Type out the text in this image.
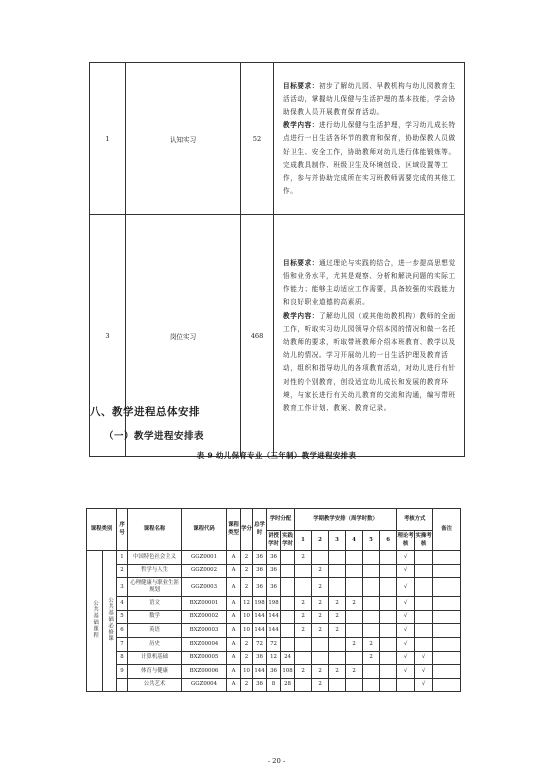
1	认知实习	52	目标要求：初步了解幼儿园、早教机构与幼儿园教育生活活动，掌握幼儿保健与生活护理的基本技能，学会协助保教人员开展教育保育活动。
教学内容：进行幼儿保健与生活护理，学习幼儿成长特点进行一日生活各环节的教育和保育，协助保教人员做好卫生、安全工作，协助教师对幼儿进行体能锻炼等。完成教具制作、班级卫生及环境创设、区域设置等工作，参与并协助完成所在实习班教师需要完成的其他工作。
3	岗位实习	468	目标要求：通过理论与实践的结合，进一步提高思想觉悟和业务水平，尤其是观察、分析和解决问题的实际工作能力；能够主动适应工作需要，具备较强的实践能力和良好职业道德的高素质。
教学内容：了解幼儿园（或其他幼教机构）教师的全面工作，听取实习幼儿园领导介绍本园的情况和做一名托幼教师的要求，听取带班教师介绍本班教育、教学以及幼儿的情况。学习开展幼儿的一日生活护理及教育活动，组织和指导幼儿的各项教育活动，对幼儿进行有针对性的个别教育，创设适宜幼儿成长和发展的教育环境，与家长进行有关幼儿教育的交流和沟通，编写带班教育工作计划、教案、教育记录。
八、教学进程总体安排
（一）教学进程安排表
表 9 幼儿保育专业（三年制）教学进程安排表
课程类别		序号	课程名称	课程代码	课程类型	学分	总学时	学时分配		学期教学安排（周学时数）						考核方式		备注
								讲授学时	实践学时	1	2	3	4	5	6	理论考核	实操考核	
公共基础课程	公共基础必修课	1	中国特色社会主义	GGZ0001	A	2	36	36		2						√		
		2	哲学与人生	GGZ0002	A	2	36	36			2					√		
		3	心理健康与职业生涯规划	GGZ0003	A	2	36	36			2					√		
		4	语文	BXZ00001	A	12	198	198		2	2	2	2			√		
		5	数学	BXZ00002	A	10	144	144		2	2	2				√		
		6	英语	BXZ00003	A	10	144	144		2	2	2				√		
		7	历史	BXZ00004	A	2	72	72					2	2		√		
		8	计算机基础	BXZ00005	A	2	36	12	24					2		√	√	
		9	体育与健康	BXZ00006	A	10	144	36	108	2	2	2	2			√	√	
			公共艺术	GGZ0004	A	2	36	8	28		2						√	
- 20 -
